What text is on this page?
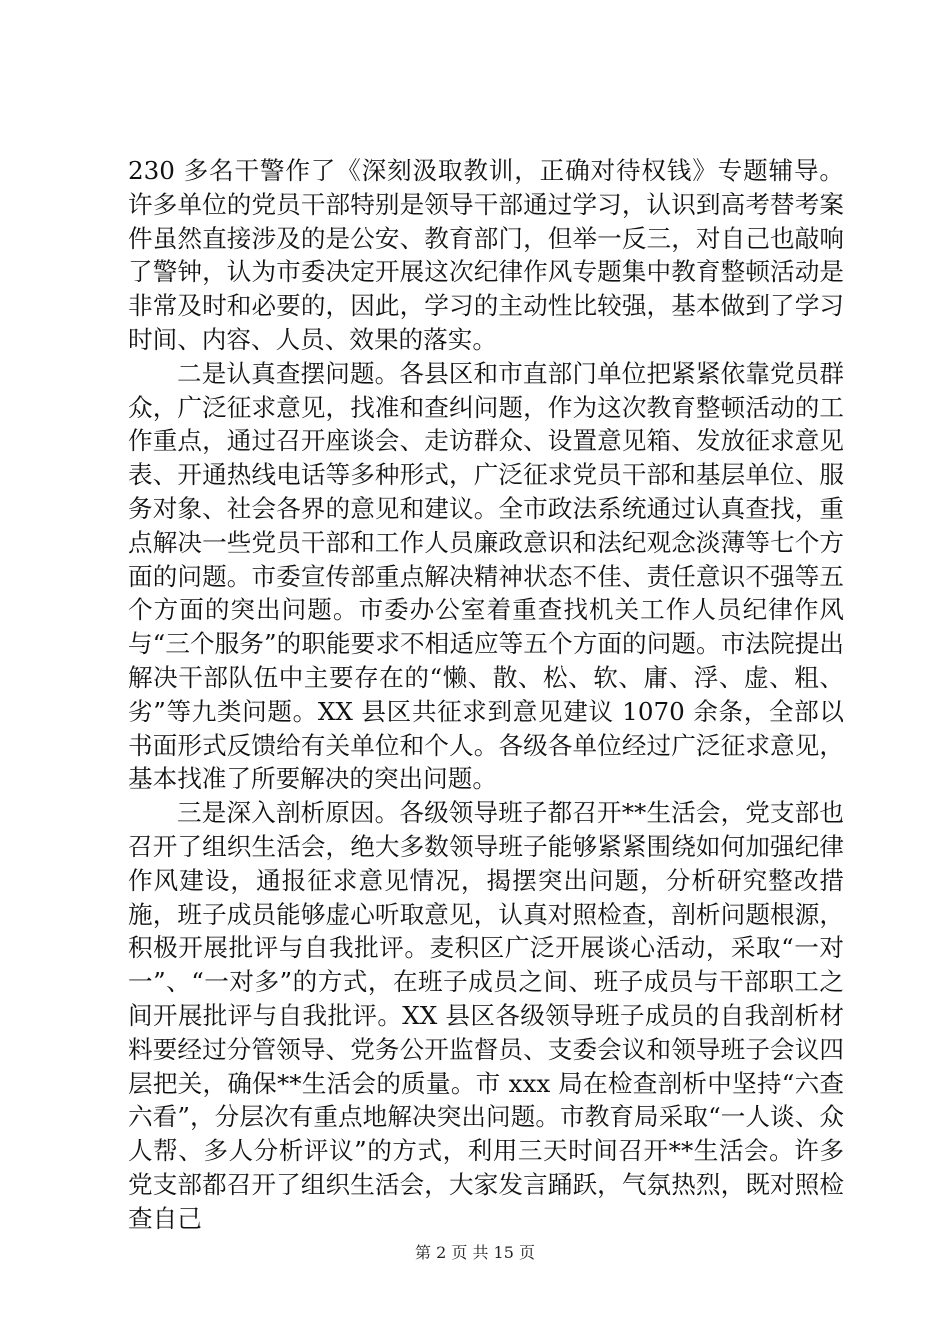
230 多名干警作了《深刻汲取教训，正确对待权钱》专题辅导。许多单位的党员干部特别是领导干部通过学习，认识到高考替考案件虽然直接涉及的是公安、教育部门，但举一反三，对自己也敲响了警钟，认为市委决定开展这次纪律作风专题集中教育整顿活动是非常及时和必要的，因此，学习的主动性比较强，基本做到了学习时间、内容、人员、效果的落实。

二是认真查摆问题。各县区和市直部门单位把紧紧依靠党员群众，广泛征求意见，找准和查纠问题，作为这次教育整顿活动的工作重点，通过召开座谈会、走访群众、设置意见箱、发放征求意见表、开通热线电话等多种形式，广泛征求党员干部和基层单位、服务对象、社会各界的意见和建议。全市政法系统通过认真查找，重点解决一些党员干部和工作人员廉政意识和法纪观念淡薄等七个方面的问题。市委宣传部重点解决精神状态不佳、责任意识不强等五个方面的突出问题。市委办公室着重查找机关工作人员纪律作风与“三个服务”的职能要求不相适应等五个方面的问题。市法院提出解决干部队伍中主要存在的“懒、散、松、软、庸、浮、虚、粗、劣”等九类问题。XX 县区共征求到意见建议 1070 余条，全部以书面形式反馈给有关单位和个人。各级各单位经过广泛征求意见，基本找准了所要解决的突出问题。

三是深入剖析原因。各级领导班子都召开**生活会，党支部也召开了组织生活会，绝大多数领导班子能够紧紧围绕如何加强纪律作风建设，通报征求意见情况，揭摆突出问题，分析研究整改措施，班子成员能够虚心听取意见，认真对照检查，剖析问题根源，积极开展批评与自我批评。麦积区广泛开展谈心活动，采取“一对一”、“一对多”的方式，在班子成员之间、班子成员与干部职工之间开展批评与自我批评。XX 县区各级领导班子成员的自我剖析材料要经过分管领导、党务公开监督员、支委会议和领导班子会议四层把关，确保**生活会的质量。市 xxx 局在检查剖析中坚持“六查六看”，分层次有重点地解决突出问题。市教育局采取“一人谈、众人帮、多人分析评议”的方式，利用三天时间召开**生活会。许多党支部都召开了组织生活会，大家发言踊跃，气氛热烈，既对照检查自己

第 2 页 共 15 页
